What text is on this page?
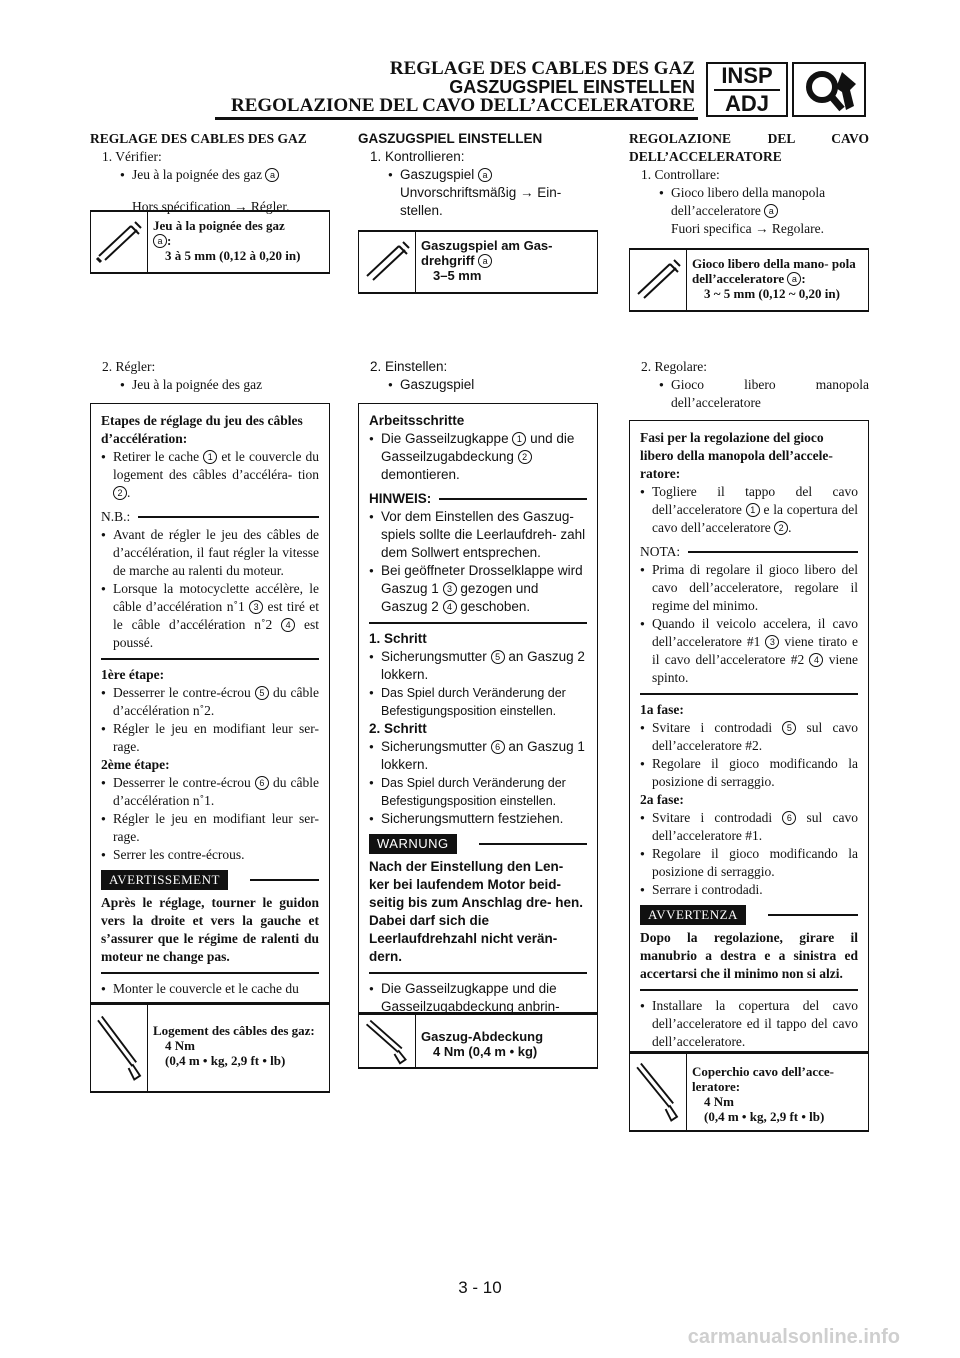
REGLAGE DES CABLES DES GAZ
GASZUGSPIEL EINSTELLEN
REGOLAZIONE DEL CAVO DELL’ACCELERATORE
INSP
ADJ

REGLAGE DES CABLES DES GAZ

1. Vérifier:

● Jeu à la poignée des gaz a

Hors spécification → Régler.

Jeu à la poignée des gaz
a :
3 à 5 mm (0,12 à 0,20 in)

2. Régler:

● Jeu à la poignée des gaz

Etapes de réglage du jeu des câbles d’accélération:

● Retirer le cache 1 et le couvercle du logement des câbles d’accéléra- tion 2 .

N.B.:

● Avant de régler le jeu des câbles de d’accélération, il faut régler la vitesse de marche au ralenti du moteur.

● Lorsque la motocyclette accélère, le câble d’accélération n˚1 3 est tiré et le câble d’accélération n˚2 4 est poussé.

1ère étape:

● Desserrer le contre-écrou 5 du câble d’accélération n˚2.

● Régler le jeu en modifiant leur ser- rage.

2ème étape:

● Desserrer le contre-écrou 6 du câble d’accélération n˚1.

● Régler le jeu en modifiant leur ser- rage.

● Serrer les contre-écrous.

AVERTISSEMENT

Après le réglage, tourner le guidon vers la droite et vers la gauche et s’assurer que le régime de ralenti du moteur ne change pas.

● Monter le couvercle et le cache du

Logement des câbles des gaz:
4 Nm
(0,4 m • kg, 2,9 ft • lb)

GASZUGSPIEL EINSTELLEN

1. Kontrollieren:

● Gaszugspiel a

Unvorschriftsmäßig → Ein- stellen.

Gaszugspiel am Gas- drehgriff a
3–5 mm

2. Einstellen:

● Gaszugspiel

Arbeitsschritte

● Die Gasseilzugkappe 1 und die Gasseilzugabdeckung 2 demontieren.

HINWEIS:

● Vor dem Einstellen des Gaszug- spiels sollte die Leerlaufdreh- zahl dem Sollwert entsprechen.

● Bei geöffneter Drosselklappe wird Gaszug 1 3 gezogen und Gaszug 2 4 geschoben.

1. Schritt

● Sicherungsmutter 5 an Gaszug 2 lokkern.

● Das Spiel durch Veränderung der Befestigungsposition einstellen.

2. Schritt

● Sicherungsmutter 6 an Gaszug 1 lokkern.

● Das Spiel durch Veränderung der Befestigungsposition einstellen.

● Sicherungsmuttern festziehen.

WARNUNG

Nach der Einstellung den Len- ker bei laufendem Motor beid- seitig bis zum Anschlag dre- hen. Dabei darf sich die Leerlaufdrehzahl nicht verän- dern.

● Die Gasseilzugkappe und die Gasseilzugabdeckung anbrin-

Gaszug-Abdeckung
4 Nm (0,4 m • kg)

REGOLAZIONE DEL CAVO DELL’ACCELERATORE

1. Controllare:

● Gioco libero della manopola dell’acceleratore a

Fuori specifica → Regolare.

Gioco libero della mano- pola dell’acceleratore a :
3 ~ 5 mm (0,12 ~ 0,20 in)

2. Regolare:

● Gioco libero manopola dell’acceleratore

Fasi per la regolazione del gioco libero della manopola dell’accele- ratore:

● Togliere il tappo del cavo dell’acceleratore 1 e la copertura del cavo dell’acceleratore 2 .

NOTA:

● Prima di regolare il gioco libero del cavo dell’acceleratore, regolare il regime del minimo.

● Quando il veicolo accelera, il cavo dell’acceleratore #1 3 viene tirato e il cavo dell’acceleratore #2 4 viene spinto.

1a fase:

● Svitare i controdadi 5 sul cavo dell’acceleratore #2.

● Regolare il gioco modificando la posizione di serraggio.

2a fase:

● Svitare i controdadi 6 sul cavo dell’acceleratore #1.

● Regolare il gioco modificando la posizione di serraggio.

● Serrare i controdadi.

AVVERTENZA

Dopo la regolazione, girare il manubrio a destra e a sinistra ed accertarsi che il minimo non si alzi.

● Installare la copertura del cavo dell’acceleratore ed il tappo del cavo dell’acceleratore.

Coperchio cavo dell’acce- leratore:
4 Nm
(0,4 m • kg, 2,9 ft • lb)
3 - 10
carmanualsonline.info
